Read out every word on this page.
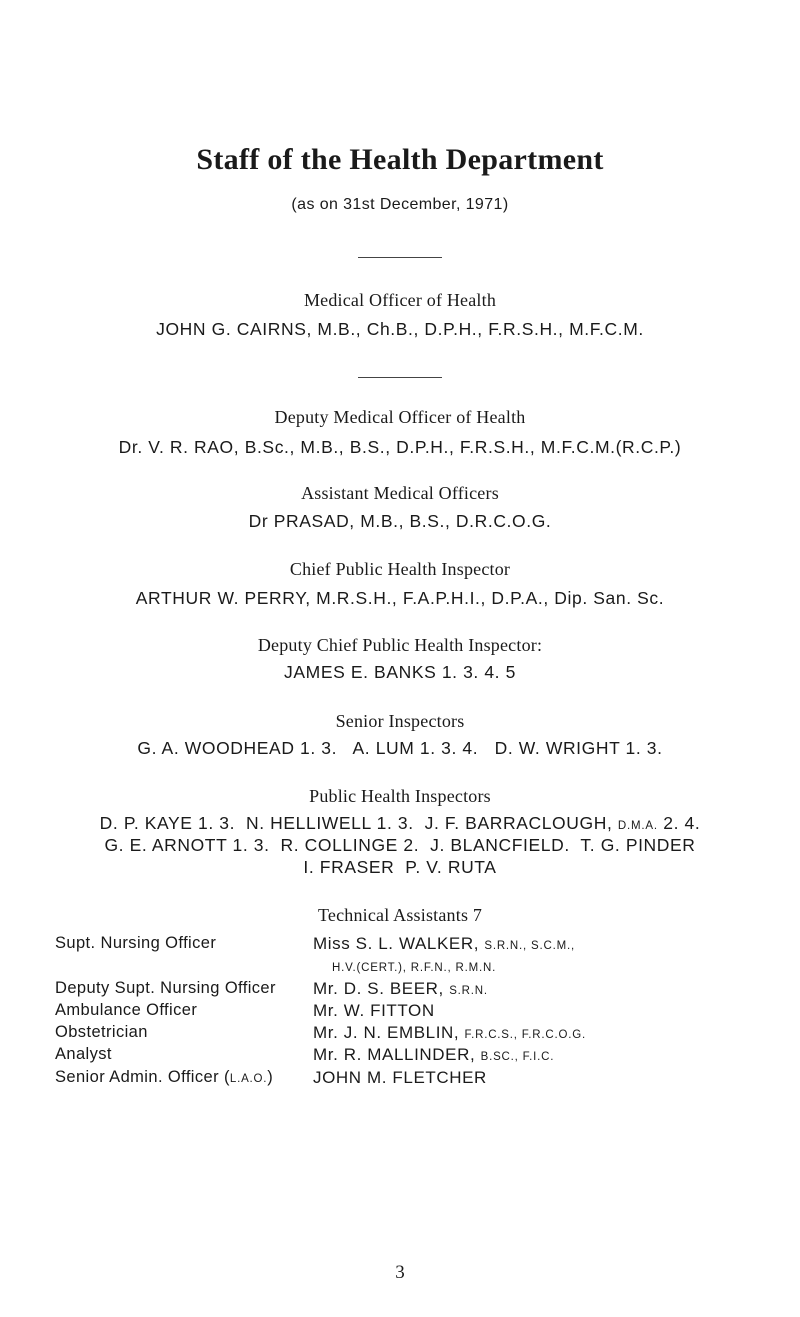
Staff of the Health Department
(as on 31st December, 1971)
Medical Officer of Health
JOHN G. CAIRNS, M.B., Ch.B., D.P.H., F.R.S.H., M.F.C.M.
Deputy Medical Officer of Health
Dr. V. R. RAO, B.Sc., M.B., B.S., D.P.H., F.R.S.H., M.F.C.M.(R.C.P.)
Assistant Medical Officers
Dr PRASAD, M.B., B.S., D.R.C.O.G.
Chief Public Health Inspector
ARTHUR W. PERRY, M.R.S.H., F.A.P.H.I., D.P.A., Dip. San. Sc.
Deputy Chief Public Health Inspector:
JAMES E. BANKS 1. 3. 4. 5
Senior Inspectors
G. A. WOODHEAD 1. 3.   A. LUM 1. 3. 4.   D. W. WRIGHT 1. 3.
Public Health Inspectors
D. P. KAYE 1. 3.  N. HELLIWELL 1. 3.  J. F. BARRACLOUGH, D.M.A. 2. 4.
G. E. ARNOTT 1. 3.  R. COLLINGE 2.  J. BLANCFIELD.  T. G. PINDER
I. FRASER  P. V. RUTA
Technical Assistants 7
Supt. Nursing Officer	Miss S. L. WALKER, S.R.N., S.C.M.,
H.V.(CERT.), R.F.N., R.M.N.
Deputy Supt. Nursing Officer Mr. D. S. BEER, S.R.N.
Ambulance Officer	Mr. W. FITTON
Obstetrician	Mr. J. N. EMBLIN, F.R.C.S., F.R.C.O.G.
Analyst	Mr. R. MALLINDER, B.SC., F.I.C.
Senior Admin. Officer (L.A.O.) JOHN M. FLETCHER
3
